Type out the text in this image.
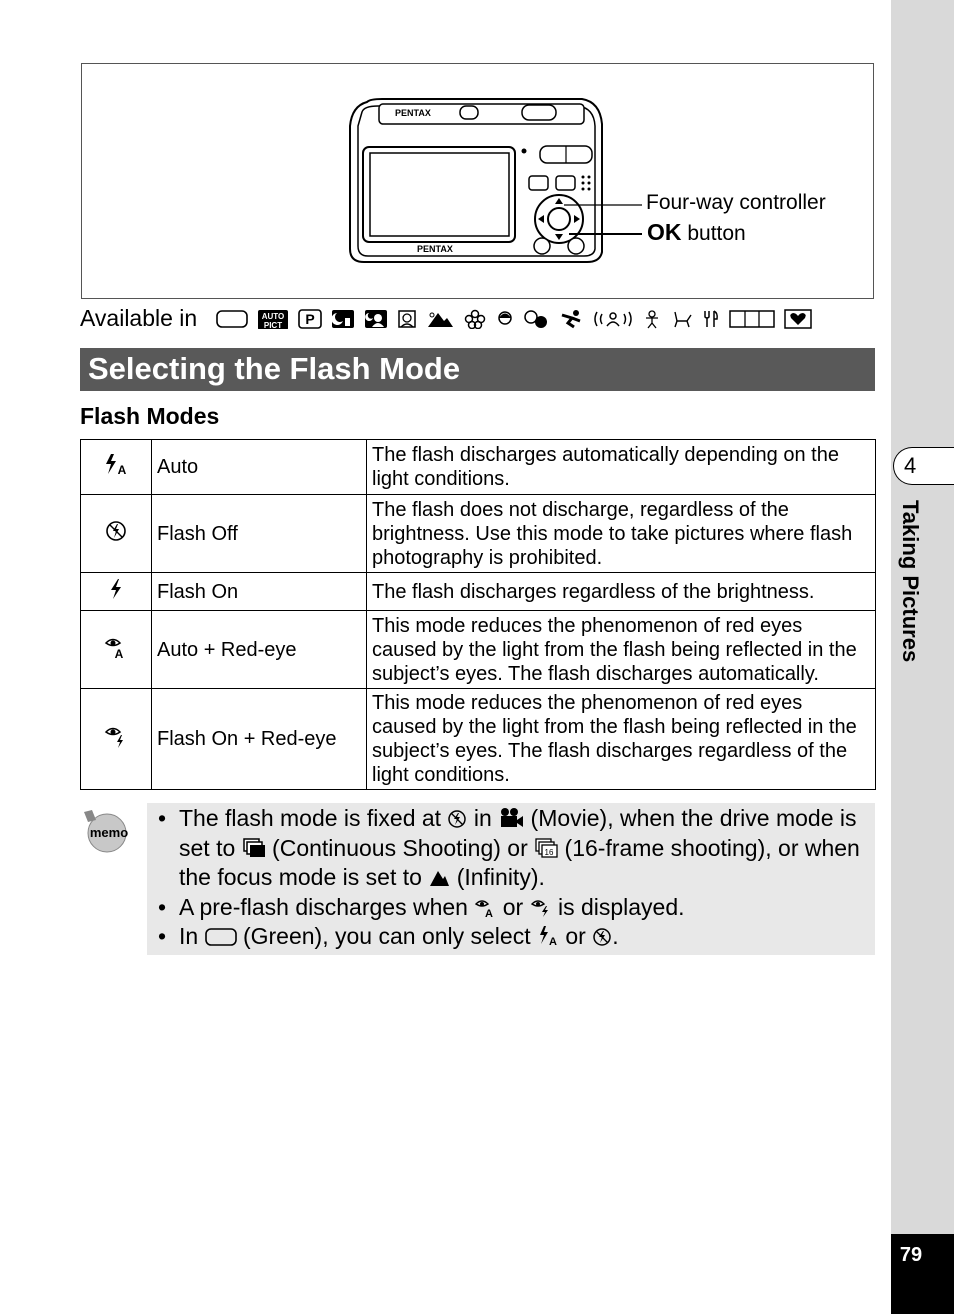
4
Taking Pictures
79
PENTAX
PENTAX
Four-way controller
OK button
Available in	AUTO
PICT P
Selecting the Flash Mode
Flash Modes
A	Auto	The flash discharges automatically depending on the light conditions.
	Flash Off	The flash does not discharge, regardless of the brightness. Use this mode to take pictures where flash photography is prohibited.
	Flash On	The flash discharges regardless of the brightness.

A	Auto + Red-eye	This mode reduces the phenomenon of red eyes caused by the light from the flash being reflected in the subject’s eyes. The flash discharges automatically.
	Flash On + Red-eye	This mode reduces the phenomenon of red eyes caused by the light from the flash being reflected in the subject’s eyes. The flash discharges regardless of the light conditions.
memo
• The flash mode is fixed at in (Movie), when the drive mode is set to (Continuous Shooting) or 16 (16-frame shooting), or when the focus mode is set to (Infinity).
• A pre-flash discharges when A or is displayed.
• In (Green), you can only select A or .
